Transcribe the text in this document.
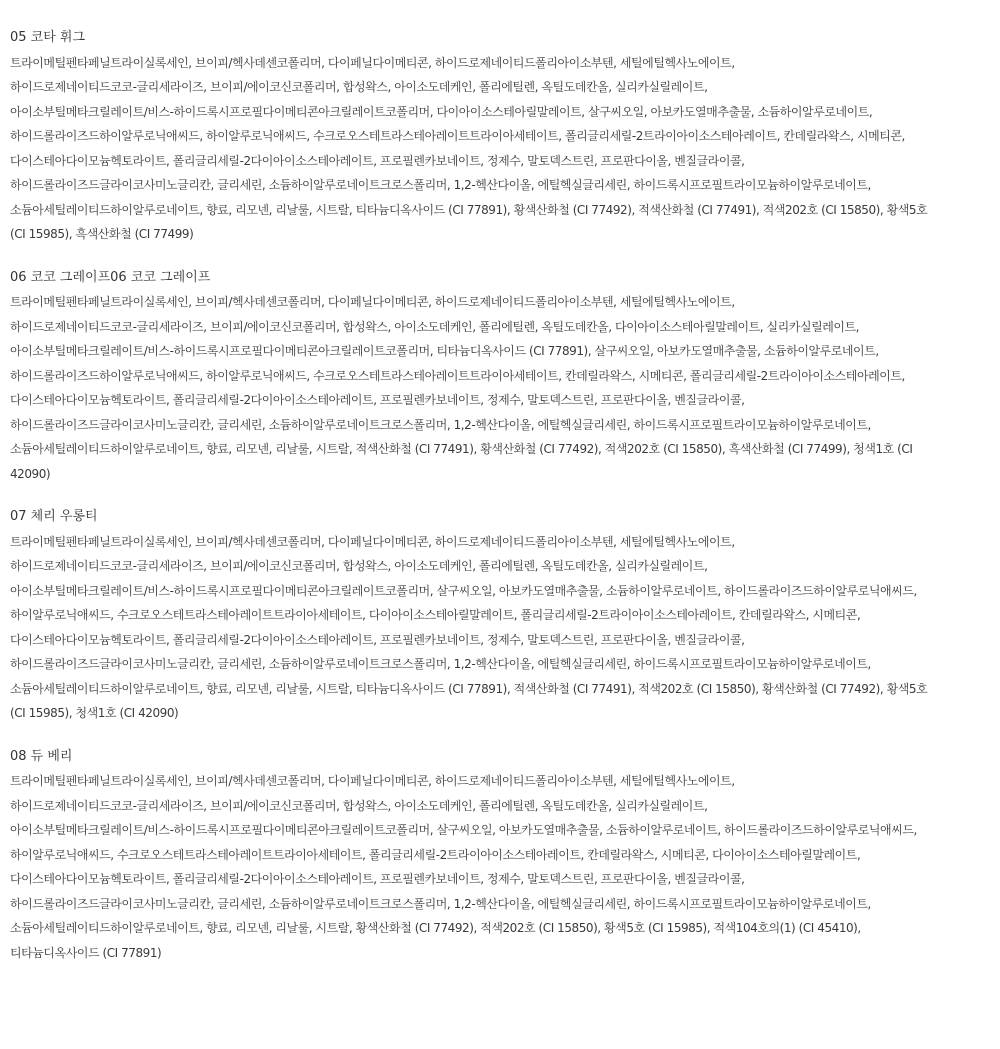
05 코타 휘그

트라이메틸펜타페닐트라이실록세인, 브이피/헥사데센코폴리머, 다이페닐다이메티콘, 하이드로제네이티드폴리아이소부텐, 세틸에틸헥사노에이트,

하이드로제네이티드코코-글리세라이즈, 브이피/에이코신코폴리머, 합성왁스, 아이소도데케인, 폴리에틸렌, 옥틸도데칸올, 실리카실릴레이트,

아이소부틸메타크릴레이트/비스-하이드록시프로필다이메티콘아크릴레이트코폴리머, 다이아이소스테아릴말레이트, 살구씨오일, 아보카도열매추출물, 소듐하이알루로네이트,

하이드롤라이즈드하이알루로닉애씨드, 하이알루로닉애씨드, 수크로오스테트라스테아레이트트라이아세테이트, 폴리글리세릴-2트라이아이소스테아레이트, 칸데릴라왁스, 시메티콘,

다이스테아다이모늄헥토라이트, 폴리글리세릴-2다이아이소스테아레이트, 프로필렌카보네이트, 정제수, 말토덱스트린, 프로판다이올, 벤질글라이콜,

하이드롤라이즈드글라이코사미노글리칸, 글리세린, 소듐하이알루로네이트크로스폴리머, 1,2-헥산다이올, 에틸헥실글리세린, 하이드록시프로필트라이모늄하이알루로네이트,

소듐아세틸레이티드하이알루로네이트, 향료, 리모넨, 리날룰, 시트랄, 티타늄디옥사이드 (CI 77891), 황색산화철 (CI 77492), 적색산화철 (CI 77491), 적색202호 (CI 15850), 황색5호

(CI 15985), 흑색산화철 (CI 77499)

06 코코 그레이프06 코코 그레이프

트라이메틸펜타페닐트라이실록세인, 브이피/헥사데센코폴리머, 다이페닐다이메티콘, 하이드로제네이티드폴리아이소부텐, 세틸에틸헥사노에이트,

하이드로제네이티드코코-글리세라이즈, 브이피/에이코신코폴리머, 합성왁스, 아이소도데케인, 폴리에틸렌, 옥틸도데칸올, 다이아이소스테아릴말레이트, 실리카실릴레이트,

아이소부틸메타크릴레이트/비스-하이드록시프로필다이메티콘아크릴레이트코폴리머, 티타늄디옥사이드 (CI 77891), 살구씨오일, 아보카도열매추출물, 소듐하이알루로네이트,

하이드롤라이즈드하이알루로닉애씨드, 하이알루로닉애씨드, 수크로오스테트라스테아레이트트라이아세테이트, 칸데릴라왁스, 시메티콘, 폴리글리세릴-2트라이아이소스테아레이트,

다이스테아다이모늄헥토라이트, 폴리글리세릴-2다이아이소스테아레이트, 프로필렌카보네이트, 정제수, 말토덱스트린, 프로판다이올, 벤질글라이콜,

하이드롤라이즈드글라이코사미노글리칸, 글리세린, 소듐하이알루로네이트크로스폴리머, 1,2-헥산다이올, 에틸헥실글리세린, 하이드록시프로필트라이모늄하이알루로네이트,

소듐아세틸레이티드하이알루로네이트, 향료, 리모넨, 리날룰, 시트랄, 적색산화철 (CI 77491), 황색산화철 (CI 77492), 적색202호 (CI 15850), 흑색산화철 (CI 77499), 청색1호 (CI

42090)

07 체리 우롱티

트라이메틸펜타페닐트라이실록세인, 브이피/헥사데센코폴리머, 다이페닐다이메티콘, 하이드로제네이티드폴리아이소부텐, 세틸에틸헥사노에이트,

하이드로제네이티드코코-글리세라이즈, 브이피/에이코신코폴리머, 합성왁스, 아이소도데케인, 폴리에틸렌, 옥틸도데칸올, 실리카실릴레이트,

아이소부틸메타크릴레이트/비스-하이드록시프로필다이메티콘아크릴레이트코폴리머, 살구씨오일, 아보카도열매추출물, 소듐하이알루로네이트, 하이드롤라이즈드하이알루로닉애씨드,

하이알루로닉애씨드, 수크로오스테트라스테아레이트트라이아세테이트, 다이아이소스테아릴말레이트, 폴리글리세릴-2트라이아이소스테아레이트, 칸데릴라왁스, 시메티콘,

다이스테아다이모늄헥토라이트, 폴리글리세릴-2다이아이소스테아레이트, 프로필렌카보네이트, 정제수, 말토덱스트린, 프로판다이올, 벤질글라이콜,

하이드롤라이즈드글라이코사미노글리칸, 글리세린, 소듐하이알루로네이트크로스폴리머, 1,2-헥산다이올, 에틸헥실글리세린, 하이드록시프로필트라이모늄하이알루로네이트,

소듐아세틸레이티드하이알루로네이트, 향료, 리모넨, 리날룰, 시트랄, 티타늄디옥사이드 (CI 77891), 적색산화철 (CI 77491), 적색202호 (CI 15850), 황색산화철 (CI 77492), 황색5호

(CI 15985), 청색1호 (CI 42090)

08 듀 베리

트라이메틸펜타페닐트라이실록세인, 브이피/헥사데센코폴리머, 다이페닐다이메티콘, 하이드로제네이티드폴리아이소부텐, 세틸에틸헥사노에이트,

하이드로제네이티드코코-글리세라이즈, 브이피/에이코신코폴리머, 합성왁스, 아이소도데케인, 폴리에틸렌, 옥틸도데칸올, 실리카실릴레이트,

아이소부틸메타크릴레이트/비스-하이드록시프로필다이메티콘아크릴레이트코폴리머, 살구씨오일, 아보카도열매추출물, 소듐하이알루로네이트, 하이드롤라이즈드하이알루로닉애씨드,

하이알루로닉애씨드, 수크로오스테트라스테아레이트트라이아세테이트, 폴리글리세릴-2트라이아이소스테아레이트, 칸데릴라왁스, 시메티콘, 다이아이소스테아릴말레이트,

다이스테아다이모늄헥토라이트, 폴리글리세릴-2다이아이소스테아레이트, 프로필렌카보네이트, 정제수, 말토덱스트린, 프로판다이올, 벤질글라이콜,

하이드롤라이즈드글라이코사미노글리칸, 글리세린, 소듐하이알루로네이트크로스폴리머, 1,2-헥산다이올, 에틸헥실글리세린, 하이드록시프로필트라이모늄하이알루로네이트,

소듐아세틸레이티드하이알루로네이트, 향료, 리모넨, 리날룰, 시트랄, 황색산화철 (CI 77492), 적색202호 (CI 15850), 황색5호 (CI 15985), 적색104호의(1) (CI 45410),

티타늄디옥사이드 (CI 77891)
